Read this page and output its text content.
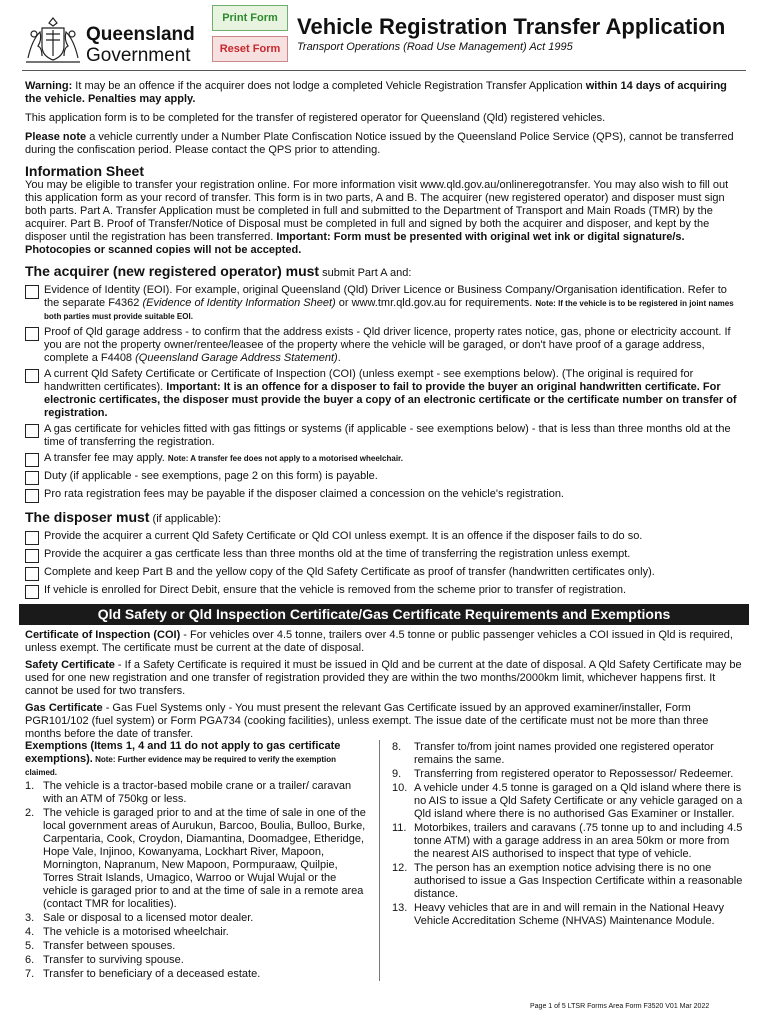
Queensland
Government
Print Form
Reset Form
Vehicle Registration Transfer Application
Transport Operations (Road Use Management) Act 1995

Warning: It may be an offence if the acquirer does not lodge a completed Vehicle Registration Transfer Application within 14 days of acquiring the vehicle. Penalties may apply.

This application form is to be completed for the transfer of registered operator for Queensland (Qld) registered vehicles.

Please note a vehicle currently under a Number Plate Confiscation Notice issued by the Queensland Police Service (QPS), cannot be transferred during the confiscation period. Please contact the QPS prior to attending.

Information Sheet

You may be eligible to transfer your registration online. For more information visit www.qld.gov.au/onlineregotransfer. You may also wish to fill out this application form as your record of transfer. This form is in two parts, A and B. The acquirer (new registered operator) and disposer must sign both parts. Part A. Transfer Application must be completed in full and submitted to the Department of Transport and Main Roads (TMR) by the acquirer. Part B. Proof of Transfer/Notice of Disposal must be completed in full and signed by both the acquirer and disposer, and kept by the disposer until the registration has been transferred. Important: Form must be presented with original wet ink or digital signature/s. Photocopies or scanned copies will not be accepted.

The acquirer (new registered operator) must submit Part A and:
Evidence of Identity (EOI). For example, original Queensland (Qld) Driver Licence or Business Company/Organisation identification. Refer to the separate F4362 (Evidence of Identity Information Sheet) or www.tmr.qld.gov.au for requirements. Note: If the vehicle is to be registered in joint names both parties must provide suitable EOI.
Proof of Qld garage address - to confirm that the address exists - Qld driver licence, property rates notice, gas, phone or electricity account. If you are not the property owner/rentee/leasee of the property where the vehicle will be garaged, or don't have proof of a garage address, complete a F4408 (Queensland Garage Address Statement).
A current Qld Safety Certificate or Certificate of Inspection (COI) (unless exempt - see exemptions below). (The original is required for handwritten certificates). Important: It is an offence for a disposer to fail to provide the buyer an original handwritten certificate. For electronic certificates, the disposer must provide the buyer a copy of an electronic certificate or the certificate number on transfer of registration.
A gas certificate for vehicles fitted with gas fittings or systems (if applicable - see exemptions below) - that is less than three months old at the time of transferring the registration.
A transfer fee may apply. Note: A transfer fee does not apply to a motorised wheelchair.
Duty (if applicable - see exemptions, page 2 on this form) is payable.
Pro rata registration fees may be payable if the disposer claimed a concession on the vehicle's registration.
The disposer must (if applicable):
Provide the acquirer a current Qld Safety Certificate or Qld COI unless exempt. It is an offence if the disposer fails to do so.
Provide the acquirer a gas certficate less than three months old at the time of transferring the registration unless exempt.
Complete and keep Part B and the yellow copy of the Qld Safety Certificate as proof of transfer (handwritten certificates only).
If vehicle is enrolled for Direct Debit, ensure that the vehicle is removed from the scheme prior to transfer of registration.
Qld Safety or Qld Inspection Certificate/Gas Certificate Requirements and Exemptions

Certificate of Inspection (COI) - For vehicles over 4.5 tonne, trailers over 4.5 tonne or public passenger vehicles a COI issued in Qld is required, unless exempt. The certificate must be current at the date of disposal.

Safety Certificate - If a Safety Certificate is required it must be issued in Qld and be current at the date of disposal. A Qld Safety Certificate may be used for one new registration and one transfer of registration provided they are within the two months/2000km limit, whichever happens first. It cannot be used for two transfers.

Gas Certificate - Gas Fuel Systems only - You must present the relevant Gas Certificate issued by an approved examiner/installer, Form PGR101/102 (fuel system) or Form PGA734 (cooking facilities), unless exempt. The issue date of the certificate must not be more than three months before the date of transfer.

Exemptions (Items 1, 4 and 11 do not apply to gas certificate exemptions). Note: Further evidence may be required to verify the exemption claimed.

1. The vehicle is a tractor-based mobile crane or a trailer/ caravan with an ATM of 750kg or less.
2. The vehicle is garaged prior to and at the time of sale in one of the local government areas of Aurukun, Barcoo, Boulia, Bulloo, Burke, Carpentaria, Cook, Croydon, Diamantina, Doomadgee, Etheridge, Hope Vale, Injinoo, Kowanyama, Lockhart River, Mapoon, Mornington, Napranum, New Mapoon, Pormpuraaw, Quilpie, Torres Strait Islands, Umagico, Warroo or Wujal Wujal or the vehicle is garaged prior to and at the time of sale in a remote area (contact TMR for localities).
3. Sale or disposal to a licensed motor dealer.
4. The vehicle is a motorised wheelchair.
5. Transfer between spouses.
6. Transfer to surviving spouse.
7. Transfer to beneficiary of a deceased estate.
8.	Transfer to/from joint names provided one registered operator remains the same.
9.	Transferring from registered operator to Repossessor/ Redeemer.
10. A vehicle under 4.5 tonne is garaged on a Qld island where there is no AIS to issue a Qld Safety Certificate or any vehicle garaged on a Qld island where there is no authorised Gas Examiner or Installer.
11. Motorbikes, trailers and caravans (.75 tonne up to and including 4.5 tonne ATM) with a garage address in an area 50km or more from the nearest AIS authorised to inspect that type of vehicle.
12. The person has an exemption notice advising there is no one authorised to issue a Gas Inspection Certificate within a reasonable distance.
13. Heavy vehicles that are in and will remain in the National Heavy Vehicle Accreditation Scheme (NHVAS) Maintenance Module.
Page 1 of 5 LTSR Forms Area Form F3520 V01 Mar 2022
